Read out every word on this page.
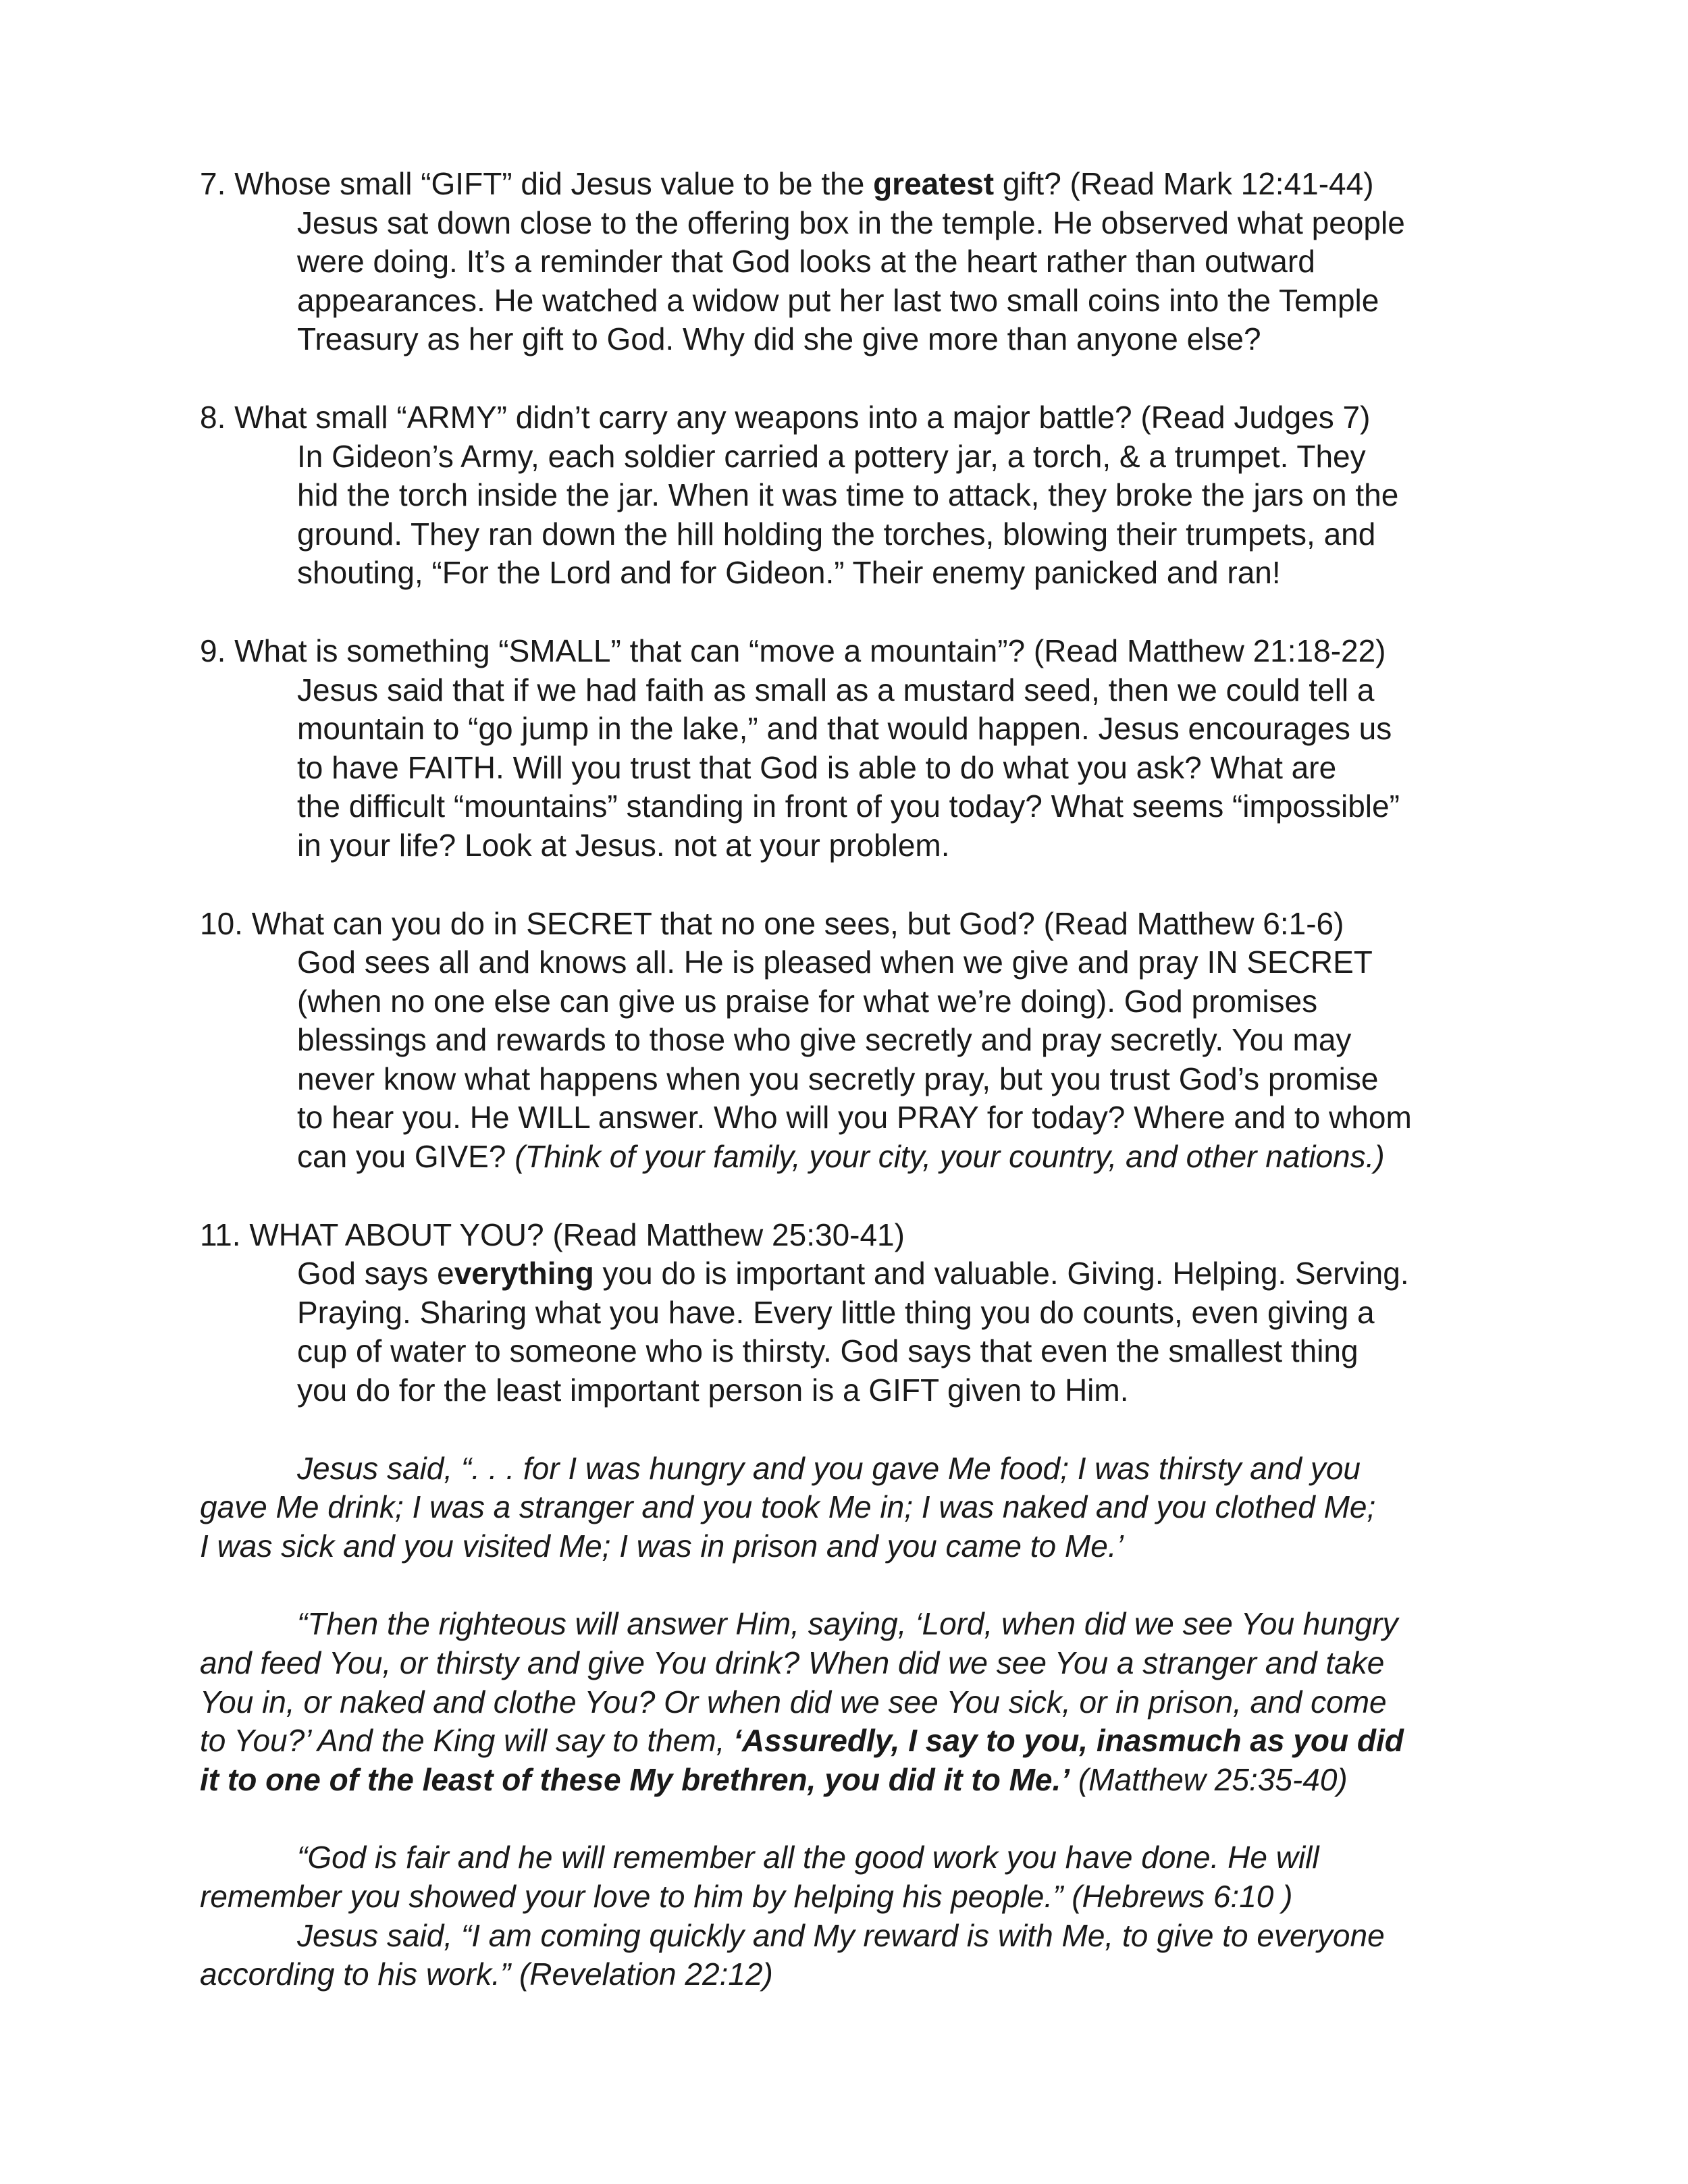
7. Whose small “GIFT” did Jesus value to be the greatest gift? (Read Mark 12:41-44)

Jesus sat down close to the offering box in the temple. He observed what people
were doing. It’s a reminder that God looks at the heart rather than outward
appearances. He watched a widow put her last two small coins into the Temple
Treasury as her gift to God. Why did she give more than anyone else?

8. What small “ARMY” didn’t carry any weapons into a major battle? (Read Judges 7)

In Gideon’s Army, each soldier carried a pottery jar, a torch, & a trumpet. They
hid the torch inside the jar. When it was time to attack, they broke the jars on the
ground. They ran down the hill holding the torches, blowing their trumpets, and
shouting, “For the Lord and for Gideon.” Their enemy panicked and ran!

9. What is something “SMALL” that can “move a mountain”? (Read Matthew 21:18-22)

Jesus said that if we had faith as small as a mustard seed, then we could tell a
mountain to “go jump in the lake,” and that would happen. Jesus encourages us
to have FAITH. Will you trust that God is able to do what you ask? What are
the difficult “mountains” standing in front of you today? What seems “impossible”
in your life? Look at Jesus. not at your problem.

10. What can you do in SECRET that no one sees, but God? (Read Matthew 6:1-6)

God sees all and knows all. He is pleased when we give and pray IN SECRET
(when no one else can give us praise for what we’re doing). God promises
blessings and rewards to those who give secretly and pray secretly. You may
never know what happens when you secretly pray, but you trust God’s promise
to hear you. He WILL answer. Who will you PRAY for today? Where and to whom
can you GIVE? (Think of your family, your city, your country, and other nations.)

11. WHAT ABOUT YOU? (Read Matthew 25:30-41)

God says everything you do is important and valuable. Giving. Helping. Serving.
Praying. Sharing what you have. Every little thing you do counts, even giving a
cup of water to someone who is thirsty. God says that even the smallest thing
you do for the least important person is a GIFT given to Him.
Jesus said, “. . . for I was hungry and you gave Me food; I was thirsty and you
gave Me drink; I was a stranger and you took Me in; I was naked and you clothed Me;
I was sick and you visited Me; I was in prison and you came to Me.’
“Then the righteous will answer Him, saying, ‘Lord, when did we see You hungry
and feed You, or thirsty and give You drink? When did we see You a stranger and take
You in, or naked and clothe You? Or when did we see You sick, or in prison, and come
to You?’ And the King will say to them, ‘Assuredly, I say to you, inasmuch as you did
it to one of the least of these My brethren, you did it to Me.’ (Matthew 25:35-40)
“God is fair and he will remember all the good work you have done. He will
remember you showed your love to him by helping his people.” (Hebrews 6:10 )
Jesus said, “I am coming quickly and My reward is with Me, to give to everyone
according to his work.” (Revelation 22:12)
